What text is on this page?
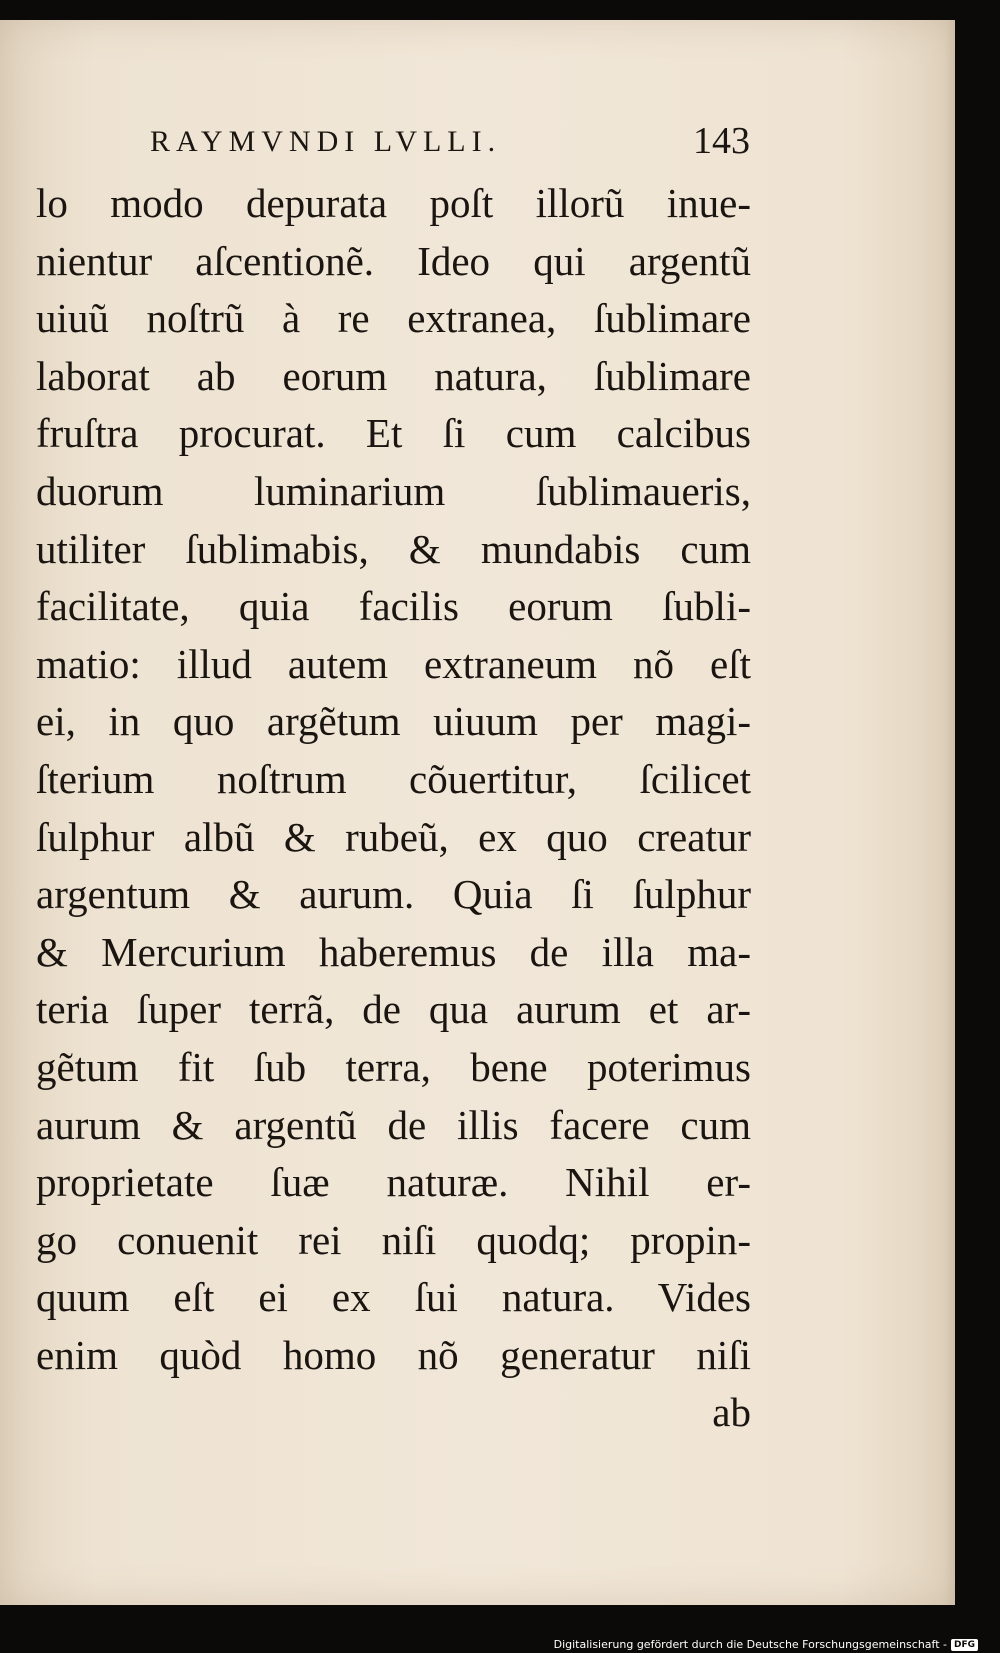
RAYMVNDI LVLLI.	143
lo modo depurata poſt illorũ inue-
nientur aſcentionẽ. Ideo qui argentũ
uiuũ noſtrũ à re extranea, ſublimare
laborat ab eorum natura, ſublimare
fruſtra procurat. Et ſi cum calcibus
duorum luminarium ſublimaueris,
utiliter ſublimabis, & mundabis cum
facilitate, quia facilis eorum ſubli-
matio: illud autem extraneum nõ eſt
ei, in quo argẽtum uiuum per magi-
ſterium noſtrum cõuertitur, ſcilicet
ſulphur albũ & rubeũ, ex quo creatur
argentum & aurum. Quia ſi ſulphur
& Mercurium haberemus de illa ma-
teria ſuper terrã, de qua aurum et ar-
gẽtum fit ſub terra, bene poterimus
aurum & argentũ de illis facere cum
proprietate ſuæ naturæ. Nihil er-
go conuenit rei niſi quodq; propin-
quum eſt ei ex ſui natura. Vides
enim quòd homo nõ generatur niſi
ab
Digitalisierung gefördert durch die Deutsche Forschungsgemeinschaft - DFG
